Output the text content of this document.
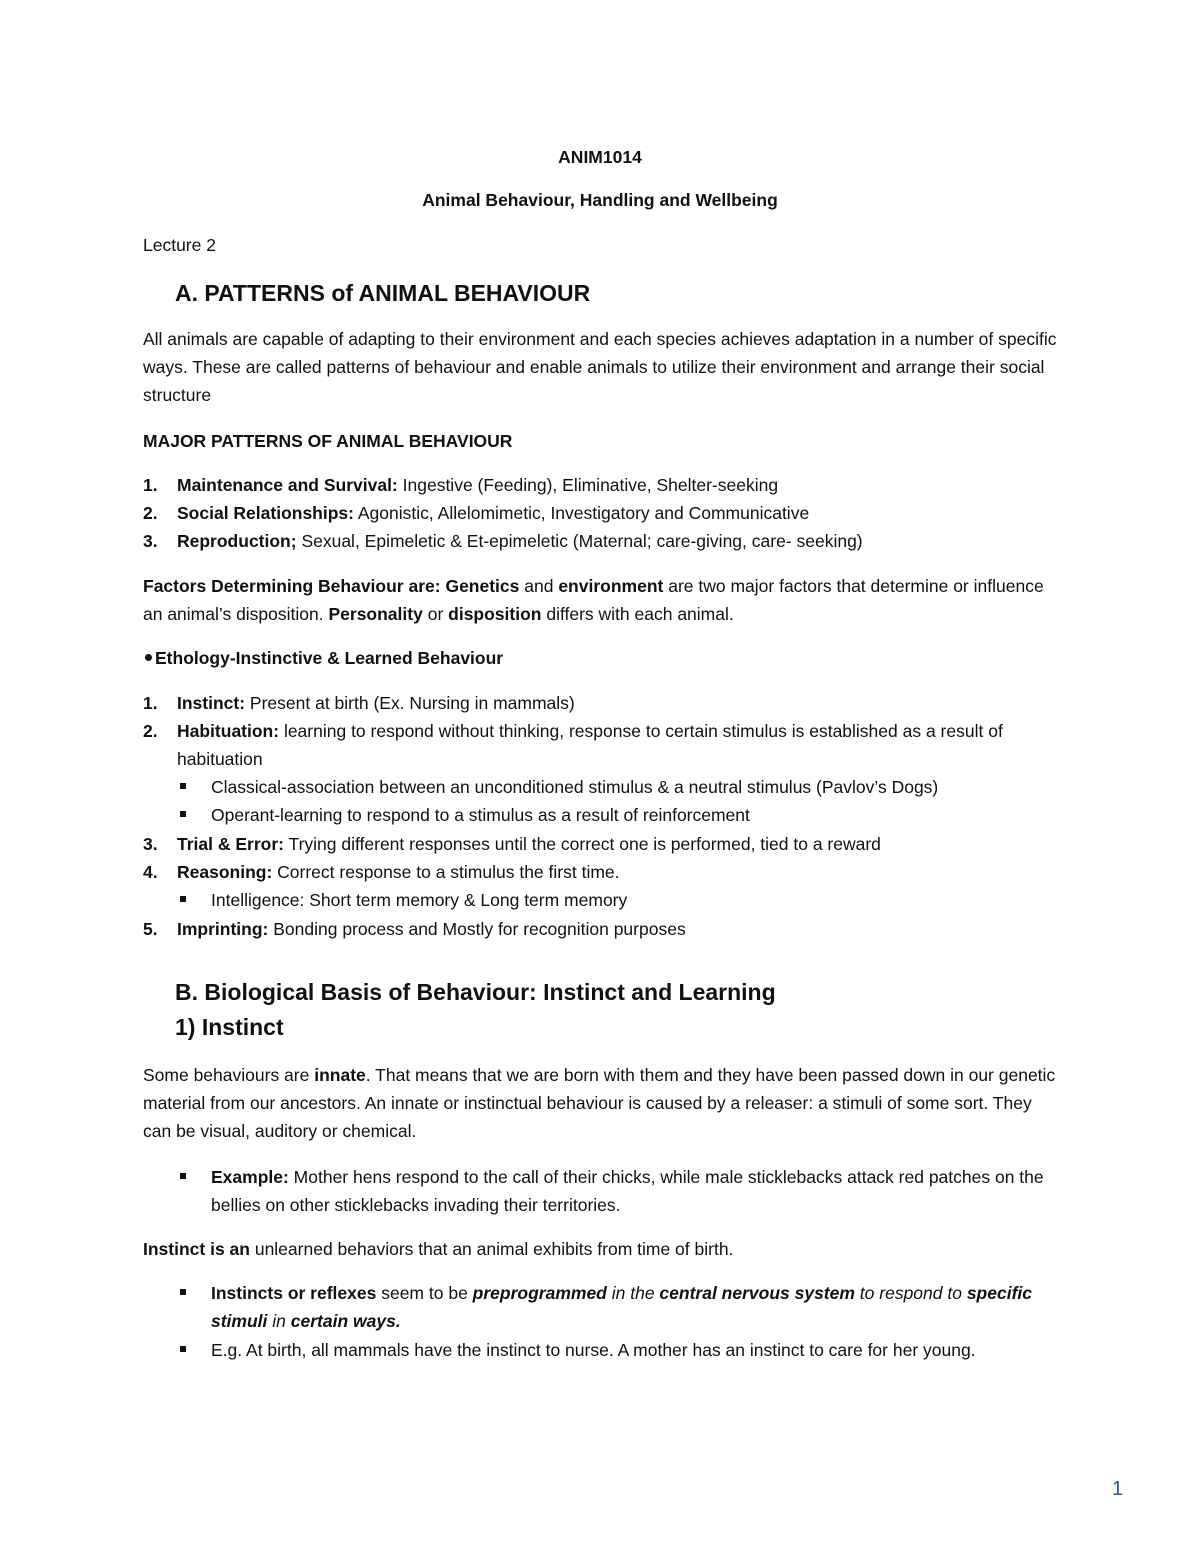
ANIM1014
Animal Behaviour, Handling and Wellbeing
Lecture 2
A. PATTERNS of ANIMAL BEHAVIOUR
All animals are capable of adapting to their environment and each species achieves adaptation in a number of specific ways. These are called patterns of behaviour and enable animals to utilize their environment and arrange their social structure
MAJOR PATTERNS OF ANIMAL BEHAVIOUR
1. Maintenance and Survival: Ingestive (Feeding), Eliminative, Shelter-seeking
2. Social Relationships: Agonistic, Allelomimetic, Investigatory and Communicative
3. Reproduction; Sexual, Epimeletic & Et-epimeletic (Maternal; care-giving, care- seeking)
Factors Determining Behaviour are: Genetics and environment are two major factors that determine or influence an animal’s disposition. Personality or disposition differs with each animal.
Ethology-Instinctive & Learned Behaviour
1. Instinct: Present at birth (Ex. Nursing in mammals)
2. Habituation: learning to respond without thinking, response to certain stimulus is established as a result of habituation
Classical-association between an unconditioned stimulus & a neutral stimulus (Pavlov’s Dogs)
Operant-learning to respond to a stimulus as a result of reinforcement
3. Trial & Error: Trying different responses until the correct one is performed, tied to a reward
4. Reasoning: Correct response to a stimulus the first time.
Intelligence: Short term memory & Long term memory
5. Imprinting: Bonding process and Mostly for recognition purposes
B. Biological Basis of Behaviour: Instinct and Learning
1) Instinct
Some behaviours are innate. That means that we are born with them and they have been passed down in our genetic material from our ancestors. An innate or instinctual behaviour is caused by a releaser: a stimuli of some sort. They can be visual, auditory or chemical.
Example: Mother hens respond to the call of their chicks, while male sticklebacks attack red patches on the bellies on other sticklebacks invading their territories.
Instinct is an unlearned behaviors that an animal exhibits from time of birth.
Instincts or reflexes seem to be preprogrammed in the central nervous system to respond to specific stimuli in certain ways.
E.g. At birth, all mammals have the instinct to nurse. A mother has an instinct to care for her young.
1
